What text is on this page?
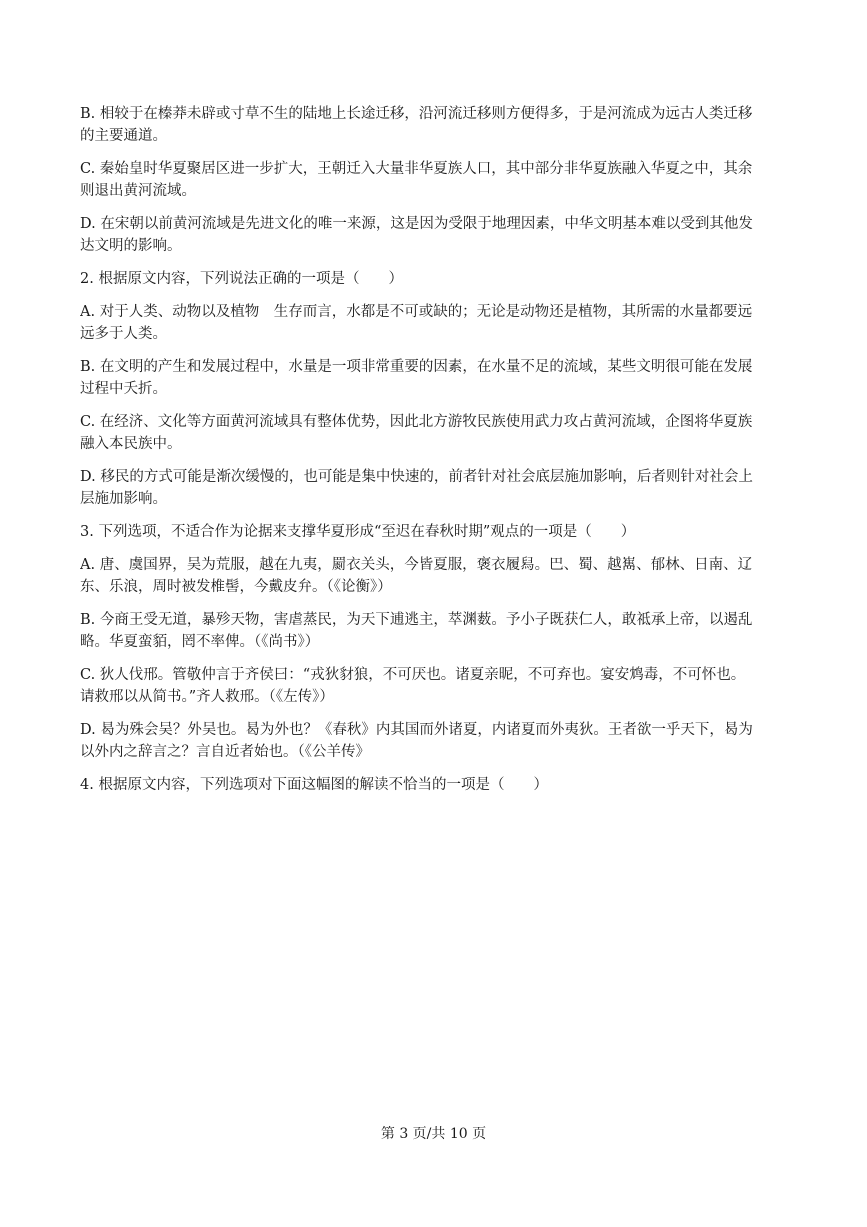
B. 相较于在榛莽未辟或寸草不生的陆地上长途迁移，沿河流迁移则方便得多，于是河流成为远古人类迁移
的主要通道。
C. 秦始皇时华夏聚居区进一步扩大，王朝迁入大量非华夏族人口，其中部分非华夏族融入华夏之中，其余
则退出黄河流域。
D. 在宋朝以前黄河流域是先进文化的唯一来源，这是因为受限于地理因素，中华文明基本难以受到其他发
达文明的影响。
2. 根据原文内容，下列说法正确的一项是（　　）
A. 对于人类、动物以及植物　生存而言，水都是不可或缺的；无论是动物还是植物，其所需的水量都要远
远多于人类。
B. 在文明的产生和发展过程中，水量是一项非常重要的因素，在水量不足的流域，某些文明很可能在发展
过程中夭折。
C. 在经济、文化等方面黄河流域具有整体优势，因此北方游牧民族使用武力攻占黄河流域，企图将华夏族
融入本民族中。
D. 移民的方式可能是渐次缓慢的，也可能是集中快速的，前者针对社会底层施加影响，后者则针对社会上
层施加影响。
3. 下列选项，不适合作为论据来支撑华夏形成“至迟在春秋时期”观点的一项是（　　）
A. 唐、虞国界，吴为荒服，越在九夷，罽衣关头，今皆夏服，褒衣履舄。巴、蜀、越嶲、郁林、日南、辽
东、乐浪，周时被发椎髻，今戴皮弁。（《论衡》）
B. 今商王受无道，暴殄天物，害虐蒸民，为天下逋逃主，萃渊薮。予小子既获仁人，敢祗承上帝，以遏乱
略。华夏蛮貊，罔不率俾。（《尚书》）
C. 狄人伐邢。管敬仲言于齐侯曰：“戎狄豺狼，不可厌也。诸夏亲昵，不可弃也。宴安鸩毒，不可怀也。
请救邢以从简书。”齐人救邢。（《左传》）
D. 曷为殊会吴？外吴也。曷为外也？《春秋》内其国而外诸夏，内诸夏而外夷狄。王者欲一乎天下，曷为
以外内之辞言之？言自近者始也。（《公羊传》
4. 根据原文内容，下列选项对下面这幅图的解读不恰当的一项是（　　）
第 3 页/共 10 页
